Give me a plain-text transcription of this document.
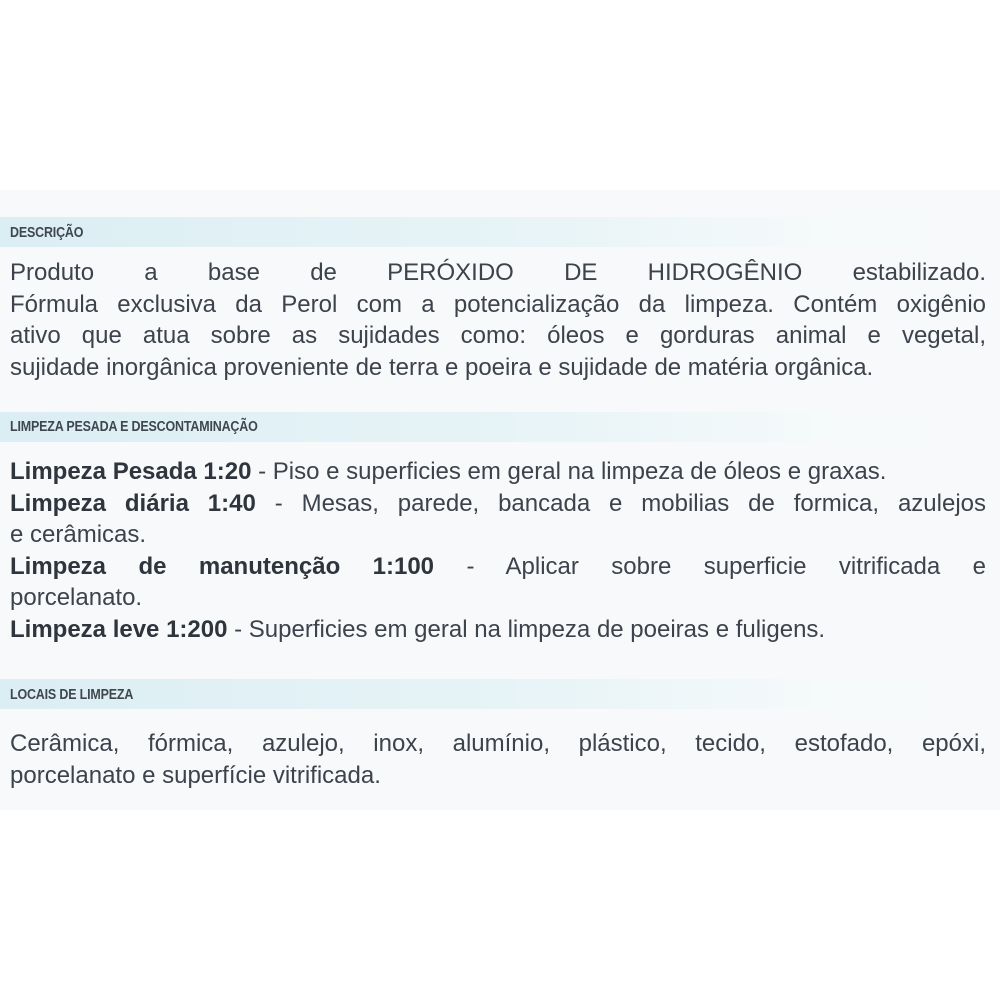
DESCRIÇÃO
Produto a base de PERÓXIDO DE HIDROGÊNIO estabilizado.
Fórmula exclusiva da Perol com a potencialização da limpeza. Contém oxigênio
ativo que atua sobre as sujidades como: óleos e gorduras animal e vegetal,
sujidade inorgânica proveniente de terra e poeira e sujidade de matéria orgânica.
LIMPEZA PESADA E DESCONTAMINAÇÃO
Limpeza Pesada 1:20 - Piso e superficies em geral na limpeza de óleos e graxas.
Limpeza diária 1:40 - Mesas, parede, bancada e mobilias de formica, azulejos
e cerâmicas.
Limpeza de manutenção 1:100 - Aplicar sobre superficie vitrificada e
porcelanato.
Limpeza leve 1:200 - Superficies em geral na limpeza de poeiras e fuligens.
LOCAIS DE LIMPEZA
Cerâmica, fórmica, azulejo, inox, alumínio, plástico, tecido, estofado, epóxi,
porcelanato e superfície vitrificada.
